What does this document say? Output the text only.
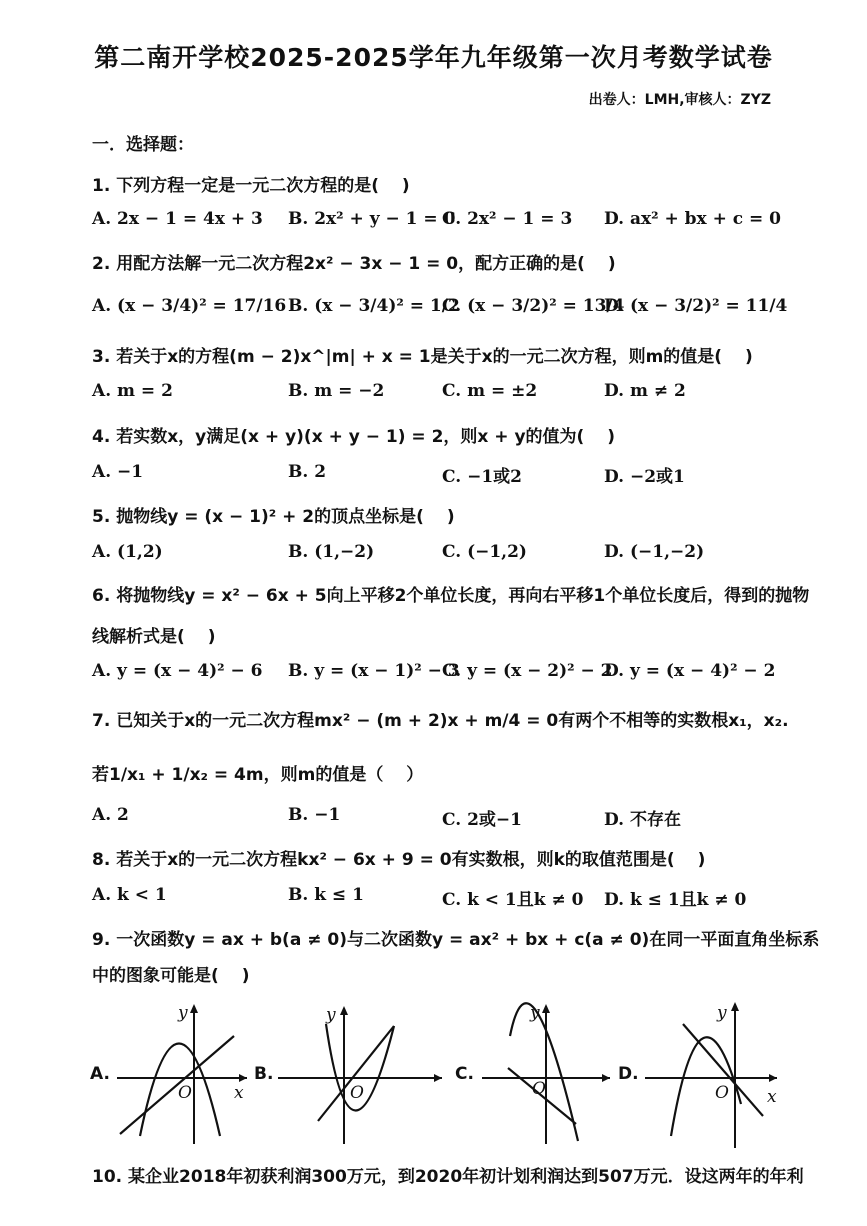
第二南开学校2025-2025学年九年级第一次月考数学试卷
出卷人：LMH,审核人：ZYZ
一．选择题：
1. 下列方程一定是一元二次方程的是(　 )
A. 2x − 1 = 4x + 3 B. 2x² + y − 1 = 0
C. 2x² − 1 = 3 D. ax² + bx + c = 0
2. 用配方法解一元二次方程2x² − 3x − 1 = 0，配方正确的是(　 )
A. (x − 3/4)² = 17/16 B. (x − 3/4)² = 1/2
C. (x − 3/2)² = 13/4
D. (x − 3/2)² = 11/4
3. 若关于x的方程(m − 2)x^|m| + x = 1是关于x的一元二次方程，则m的值是(　 )
A. m = 2	B. m = −2	C. m = ±2	D. m ≠ 2
4. 若实数x，y满足(x + y)(x + y − 1) = 2，则x + y的值为(　 )
A. −1	B. 2	C. −1或2	D. −2或1
5. 抛物线y = (x − 1)² + 2的顶点坐标是(　 )
A. (1,2)	B. (1,−2)	C. (−1,2)	D. (−1,−2)
6. 将抛物线y = x² − 6x + 5向上平移2个单位长度，再向右平移1个单位长度后，得到的抛物
线解析式是(　 )
A. y = (x − 4)² − 6 B. y = (x − 1)² − 3
C. y = (x − 2)² − 2
D. y = (x − 4)² − 2
7. 已知关于x的一元二次方程mx² − (m + 2)x + m/4 = 0有两个不相等的实数根x₁，x₂.
若1/x₁ + 1/x₂ = 4m，则m的值是（　 ）
A. 2	B. −1	C. 2或−1	D. 不存在
8. 若关于x的一元二次方程kx² − 6x + 9 = 0有实数根，则k的取值范围是(　 )
A. k < 1	B. k ≤ 1	C. k < 1且k ≠ 0 D. k ≤ 1且k ≠ 0
9. 一次函数y = ax + b(a ≠ 0)与二次函数y = ax² + bx + c(a ≠ 0)在同一平面直角坐标系
中的图象可能是(　 )
A.
y
O x
B.
y
O
C.
y
O
D.
y
O x
10. 某企业2018年初获利润300万元，到2020年初计划利润达到507万元．设这两年的年利
